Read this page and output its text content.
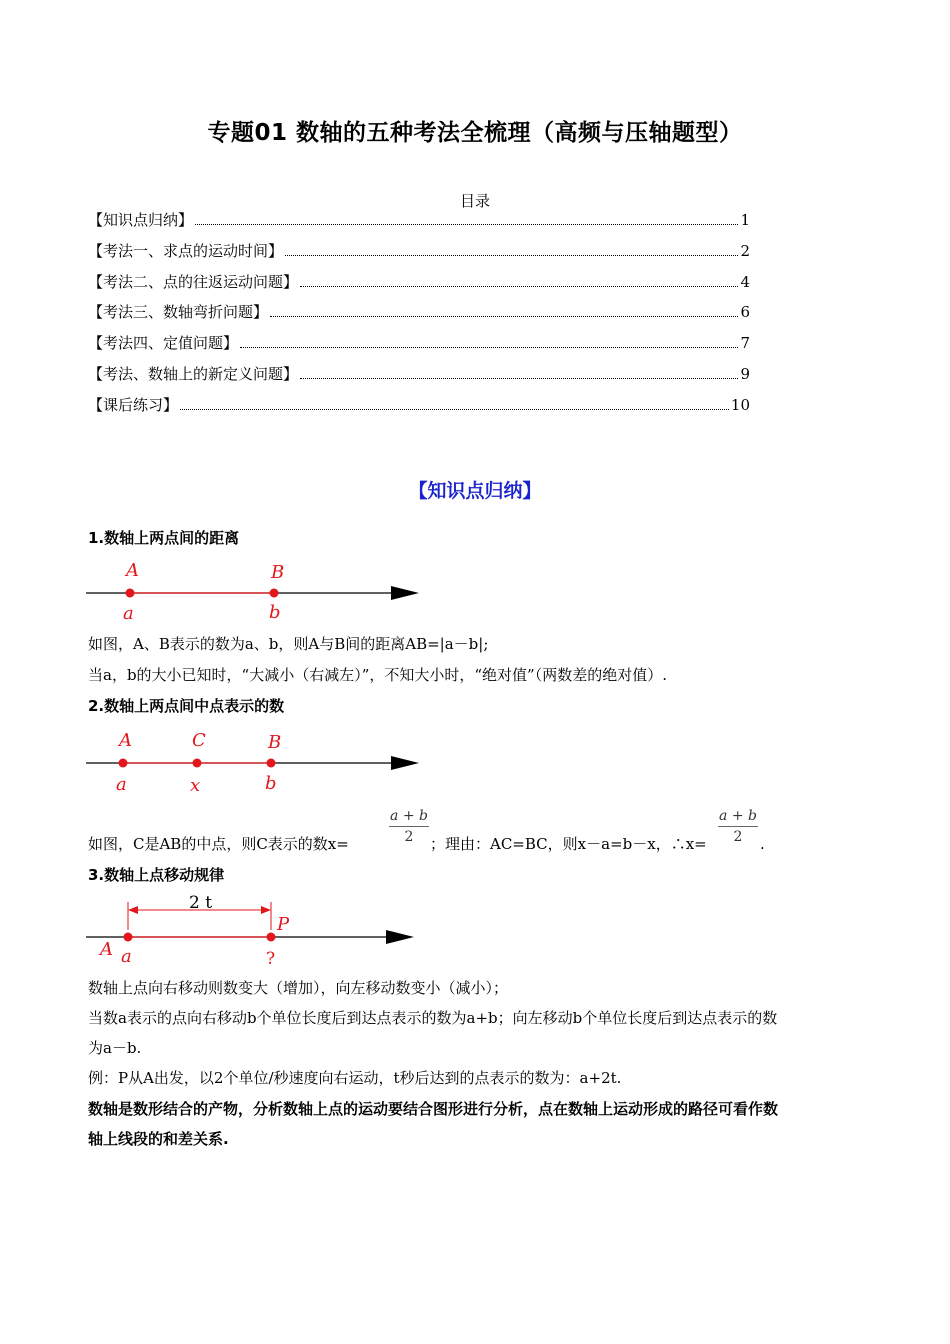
专题01 数轴的五种考法全梳理（高频与压轴题型）
目录
【知识点归纳】	1
【考法一、求点的运动时间】	2
【考法二、点的往返运动问题】	4
【考法三、数轴弯折问题】	6
【考法四、定值问题】	7
【考法、数轴上的新定义问题】	9
【课后练习】	10
【知识点归纳】
1.数轴上两点间的距离
A	B
a	b
如图，A、B表示的数为a、b，则A与B间的距离AB=|a－b|;
当a，b的大小已知时，“大减小（右减左）”，不知大小时，“绝对值”（两数差的绝对值）.
2.数轴上两点间中点表示的数
A	C	B
a	x	b
如图，C是AB的中点，则C表示的数x=	$\frac{a + b}{2}$ ；理由：AC=BC，则x－a=b－x，∴x= $\frac{a + b}{2}$ .
3.数轴上点移动规律
2 t
P
A a	?
数轴上点向右移动则数变大（增加），向左移动数变小（减小）；
当数a表示的点向右移动b个单位长度后到达点表示的数为a+b；向左移动b个单位长度后到达点表示的数
为a－b.
例：P从A出发，以2个单位/秒速度向右运动，t秒后达到的点表示的数为：a+2t.
数轴是数形结合的产物，分析数轴上点的运动要结合图形进行分析，点在数轴上运动形成的路径可看作数
轴上线段的和差关系.
